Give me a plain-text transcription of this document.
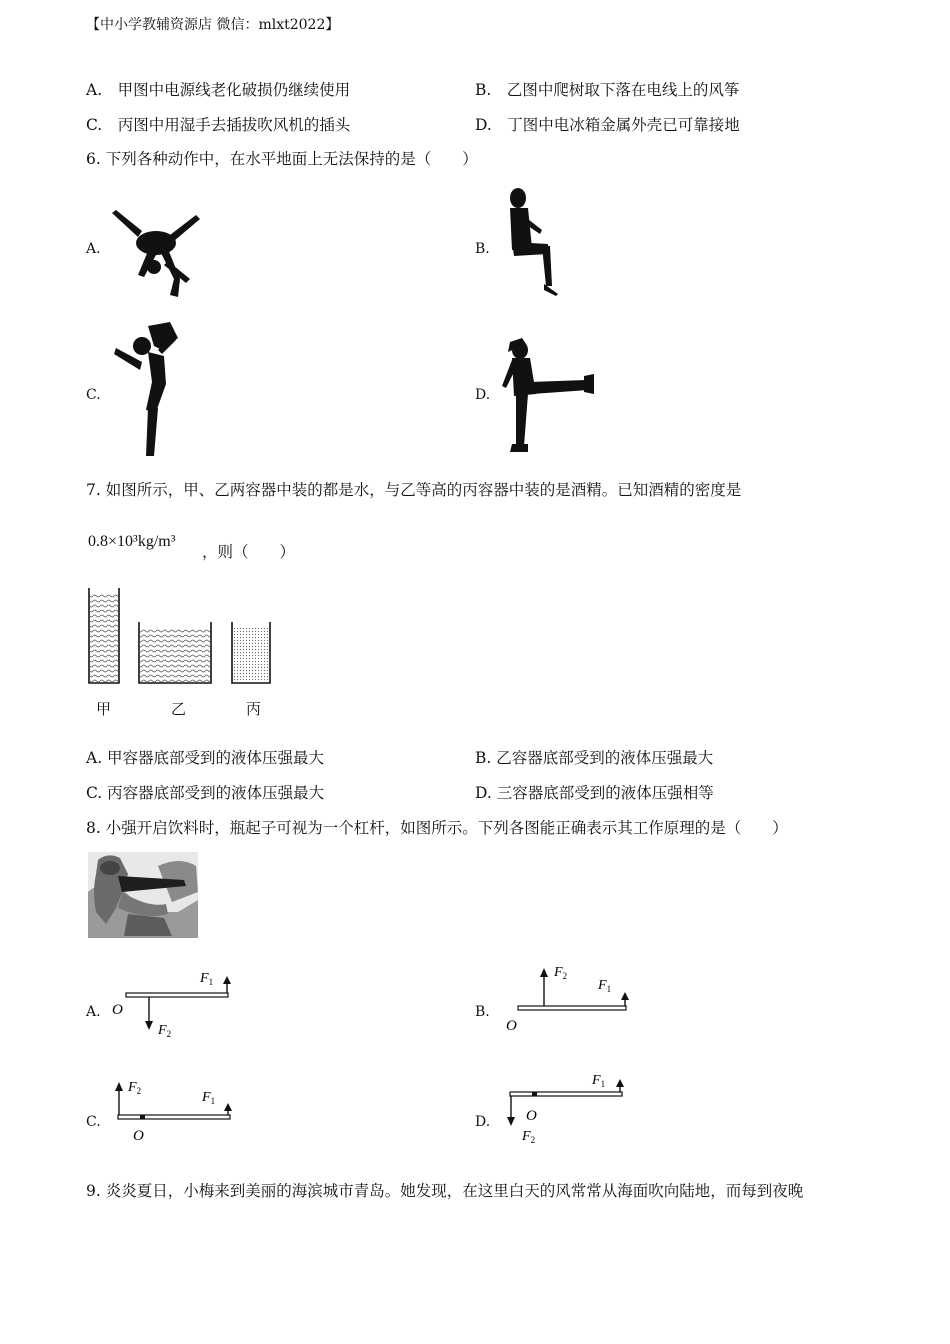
【中小学教辅资源店 微信：mlxt2022】
A.　甲图中电源线老化破损仍继续使用	B.　乙图中爬树取下落在电线上的风筝
C.　丙图中用湿手去插拔吹风机的插头	D.　丁图中电冰箱金属外壳已可靠接地
6. 下列各种动作中，在水平地面上无法保持的是（　　）
A.	B.
C.	D.
7. 如图所示，甲、乙两容器中装的都是水，与乙等高的丙容器中装的是酒精。已知酒精的密度是
0.8×10³kg/m³
，则（　　）
甲	乙	丙
A. 甲容器底部受到的液体压强最大	B. 乙容器底部受到的液体压强最大
C. 丙容器底部受到的液体压强最大	D. 三容器底部受到的液体压强相等
8. 小强开启饮料时，瓶起子可视为一个杠杆，如图所示。下列各图能正确表示其工作原理的是（　　）
A. O
$F_1$
$F_2$
B.
O
$F_2$
$F_1$
C.
O
$F_2$	$F_1$
D. O
$F_2$
$F_1$
9. 炎炎夏日，小梅来到美丽的海滨城市青岛。她发现，在这里白天的风常常从海面吹向陆地，而每到夜晚
